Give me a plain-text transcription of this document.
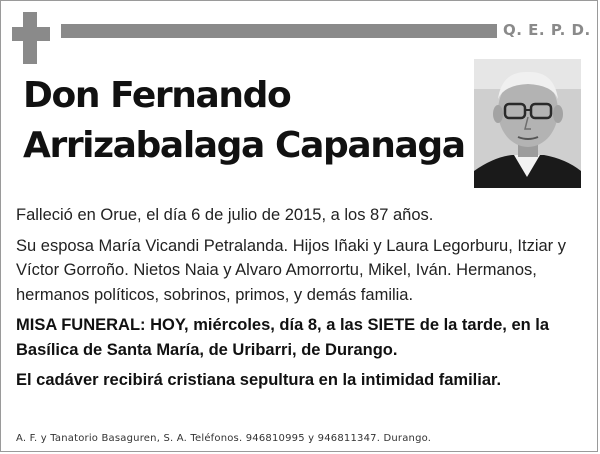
Q. E. P. D.
Don Fernando
Arrizabalaga Capanaga

Falleció en Orue, el día 6 de julio de 2015, a los 87 años.

Su esposa María Vicandi Petralanda. Hijos Iñaki y Laura Legorburu, Itziar y Víctor Gorroño. Nietos Naia y Alvaro Amorrortu, Mikel, Iván. Hermanos, hermanos políticos, sobrinos, primos, y demás familia.

MISA FUNERAL: HOY, miércoles, día 8, a las SIETE de la tarde, en la Basílica de Santa María, de Uribarri, de Durango.

El cadáver recibirá cristiana sepultura en la intimidad familiar.

A. F. y Tanatorio Basaguren, S. A. Teléfonos. 946810995 y 946811347. Durango.
